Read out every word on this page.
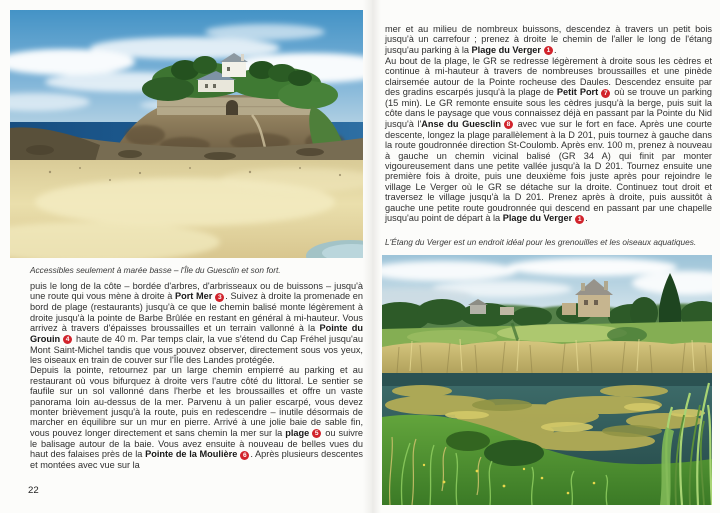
Accessibles seulement à marée basse – l'Île du Guesclin et son fort.

puis le long de la côte – bordée d'arbres, d'arbrisseaux ou de buissons – jusqu'à une route qui vous mène à droite à Port Mer 3 . Suivez à droite la promenade en bord de plage (restaurants) jusqu'à ce que le chemin balisé monte légèrement à droite jusqu'à la pointe de Barbe Brûlée en restant en général à mi-hauteur. Vous arrivez à travers d'épaisses broussailles et un terrain vallonné à la Pointe du Grouin 4 haute de 40 m. Par temps clair, la vue s'étend du Cap Fréhel jusqu'au Mont Saint-Michel tandis que vous pouvez observer, directement sous vos yeux, les oiseaux en train de couver sur l'Île des Landes protégée.

Depuis la pointe, retournez par un large chemin empierré au parking et au restaurant où vous bifurquez à droite vers l'autre côté du littoral. Le sentier se faufile sur un sol vallonné dans l'herbe et les broussailles et offre un vaste panorama loin au-dessus de la mer. Parvenu à un palier escarpé, vous devez monter brièvement jusqu'à la route, puis en redescendre – inutile désormais de marcher en équilibre sur un mur en pierre. Arrivé à une jolie baie de sable fin, vous pouvez longer directement et sans chemin la mer sur la plage 5 ou suivre le balisage autour de la baie. Vous avez ensuite à nouveau de belles vues du haut des falaises près de la Pointe de la Moulière 6 . Après plusieurs descentes et montées avec vue sur la

22

mer et au milieu de nombreux buissons, descendez à travers un petit bois jusqu'à un carrefour ; prenez à droite le chemin de l'aller le long de l'étang jusqu'au parking à la Plage du Verger 1 .

Au bout de la plage, le GR se redresse légèrement à droite sous les cèdres et continue à mi-hauteur à travers de nombreuses broussailles et une pinède clairsemée autour de la Pointe rocheuse des Daules. Descendez ensuite par des gradins escarpés jusqu'à la plage de Petit Port 7 où se trouve un parking (15 min). Le GR remonte ensuite sous les cèdres jusqu'à la berge, puis suit la côte dans le paysage que vous connaissez déjà en passant par la Pointe du Nid jusqu'à l'Anse du Guesclin 8 avec vue sur le fort en face. Après une courte descente, longez la plage parallèlement à la D 201, puis tournez à gauche dans la route goudronnée direction St-Coulomb. Après env. 100 m, prenez à nouveau à gauche un chemin vicinal balisé (GR 34 A) qui finit par monter vigoureusement dans une petite vallée jusqu'à la D 201. Tournez ensuite une première fois à droite, puis une deuxième fois juste après pour rejoindre le village Le Verger où le GR se détache sur la droite. Continuez tout droit et traversez le village jusqu'à la D 201. Prenez après à droite, puis aussitôt à gauche une petite route goudronnée qui descend en passant par une chapelle jusqu'au point de départ à la Plage du Verger 1 .

L'Étang du Verger est un endroit idéal pour les grenouilles et les oiseaux aquatiques.
